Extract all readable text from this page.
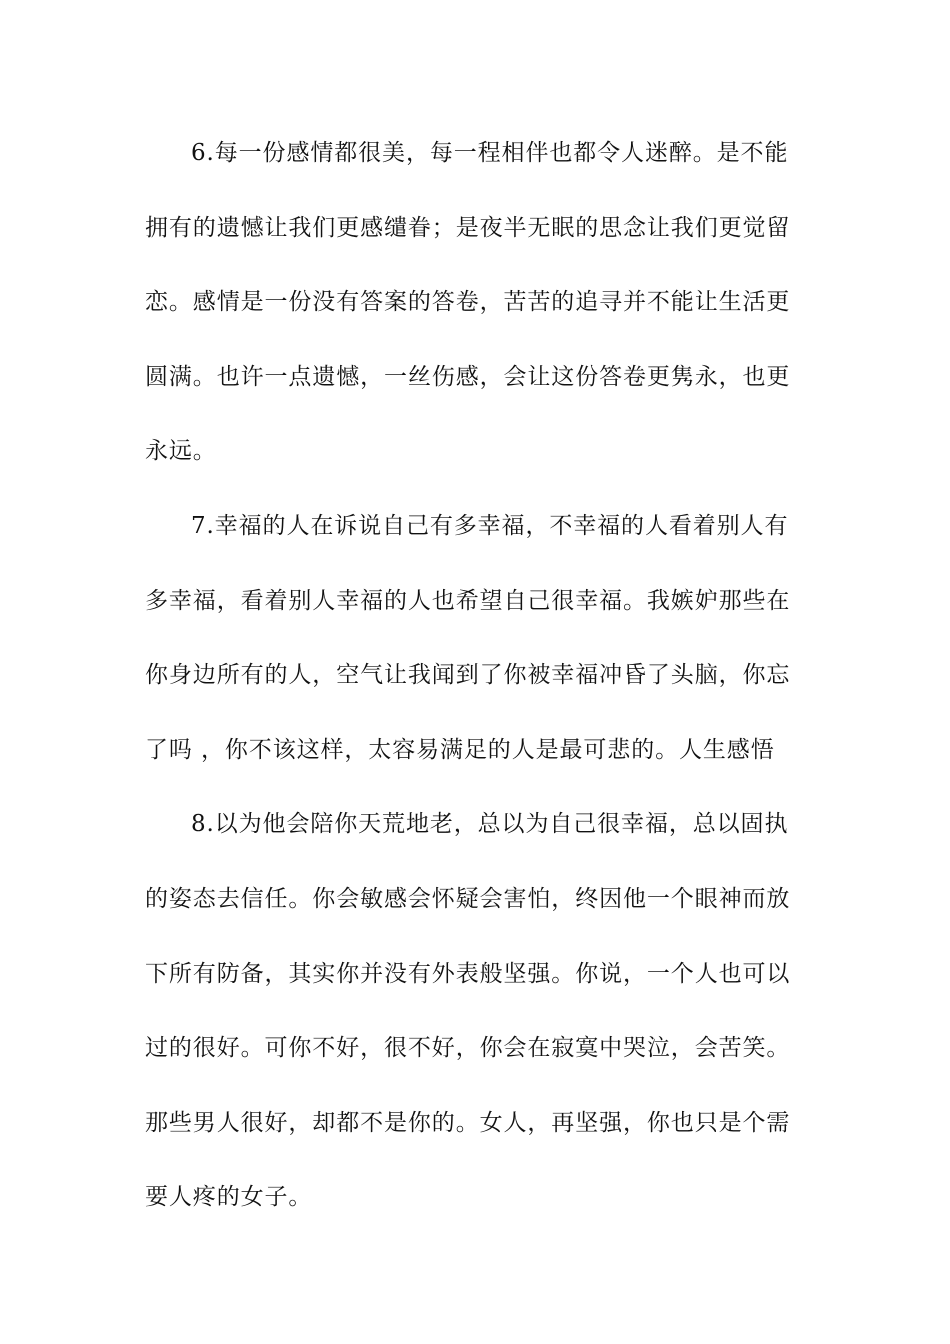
6.每一份感情都很美，每一程相伴也都令人迷醉。是不能
拥有的遗憾让我们更感缱眷；是夜半无眠的思念让我们更觉留
恋。感情是一份没有答案的答卷，苦苦的追寻并不能让生活更
圆满。也许一点遗憾，一丝伤感，会让这份答卷更隽永，也更
永远。
7.幸福的人在诉说自己有多幸福，不幸福的人看着别人有
多幸福，看着别人幸福的人也希望自己很幸福。我嫉妒那些在
你身边所有的人，空气让我闻到了你被幸福冲昏了头脑，你忘
了吗 ，你不该这样，太容易满足的人是最可悲的。人生感悟
8.以为他会陪你天荒地老，总以为自己很幸福，总以固执
的姿态去信任。你会敏感会怀疑会害怕，终因他一个眼神而放
下所有防备，其实你并没有外表般坚强。你说，一个人也可以
过的很好。可你不好，很不好，你会在寂寞中哭泣，会苦笑。
那些男人很好，却都不是你的。女人，再坚强，你也只是个需
要人疼的女子。
